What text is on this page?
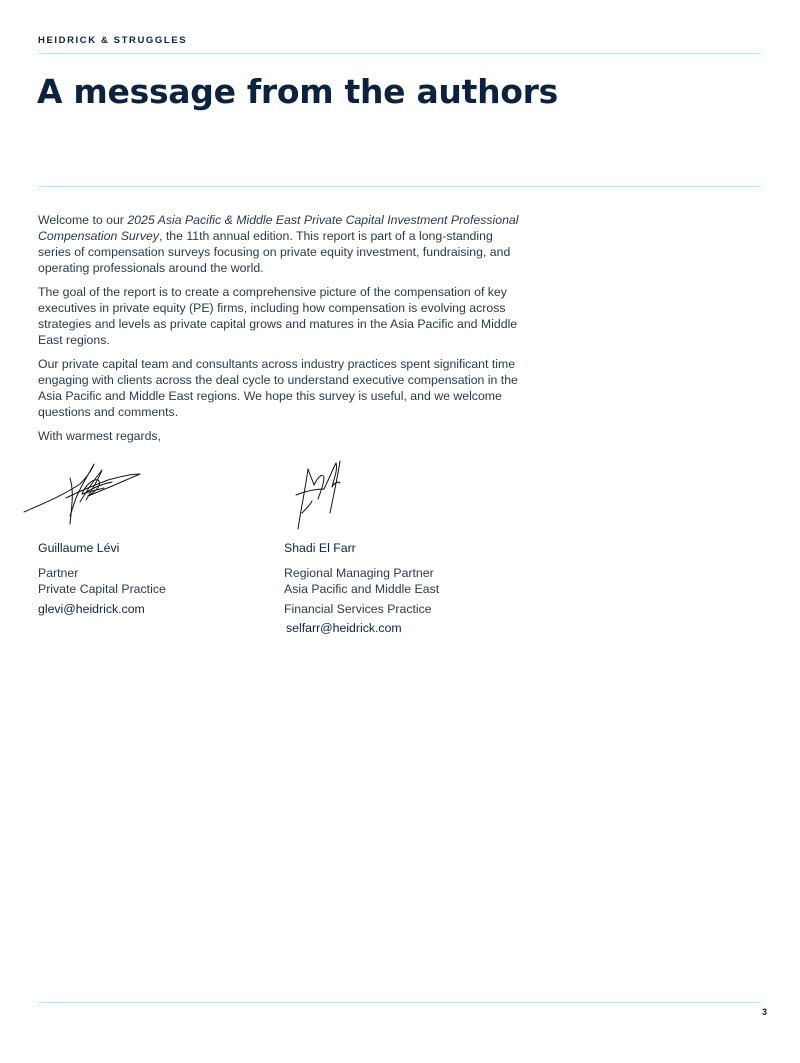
HEIDRICK & STRUGGLES
A message from the authors

Welcome to our 2025 Asia Pacific & Middle East Private Capital Investment Professional Compensation Survey, the 11th annual edition. This report is part of a long-standing series of compensation surveys focusing on private equity investment, fundraising, and operating professionals around the world.

The goal of the report is to create a comprehensive picture of the compensation of key executives in private equity (PE) firms, including how compensation is evolving across strategies and levels as private capital grows and matures in the Asia Pacific and Middle East regions.

Our private capital team and consultants across industry practices spent significant time engaging with clients across the deal cycle to understand executive compensation in the Asia Pacific and Middle East regions. We hope this survey is useful, and we welcome questions and comments.

With warmest regards,

Guillaume Lévi
Partner
Private Capital Practice
glevi@heidrick.com
Shadi El Farr
Regional Managing Partner
Asia Pacific and Middle East
Financial Services Practice
selfarr@heidrick.com
3
